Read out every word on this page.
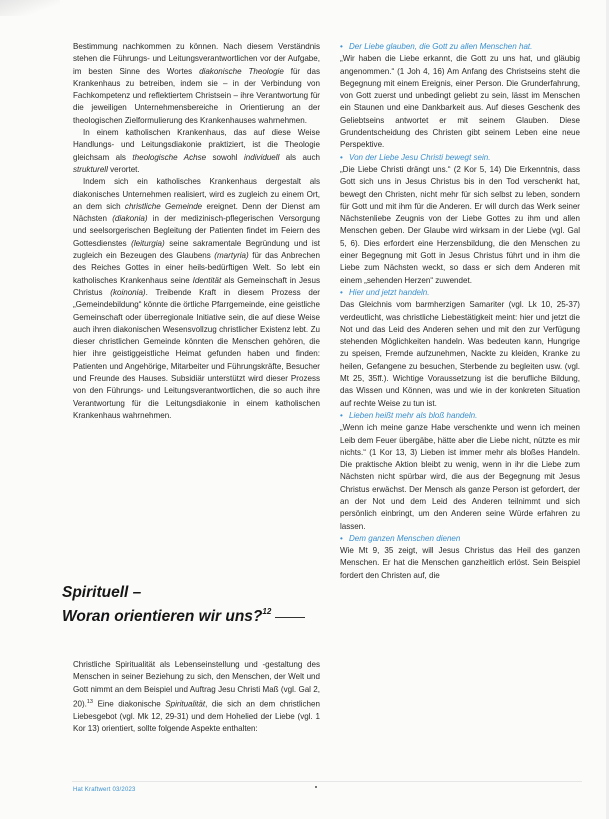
Bestimmung nachkommen zu können. Nach diesem Verständnis stehen die Führungs- und Leitungsverantwortlichen vor der Aufgabe, im besten Sinne des Wortes diakonische Theologie für das Krankenhaus zu betreiben, indem sie – in der Verbindung von Fachkompetenz und reflektiertem Christsein – ihre Verantwortung für die jeweiligen Unternehmensbereiche in Orientierung an der theologischen Zielformulierung des Krankenhauses wahrnehmen.

In einem katholischen Krankenhaus, das auf diese Weise Handlungs- und Leitungsdiakonie praktiziert, ist die Theologie gleichsam als theologische Achse sowohl individuell als auch strukturell verortet.

Indem sich ein katholisches Krankenhaus dergestalt als diakonisches Unternehmen realisiert, wird es zugleich zu einem Ort, an dem sich christliche Gemeinde ereignet. Denn der Dienst am Nächsten (diakonia) in der medizinisch-pflegerischen Versorgung und seelsorgerischen Begleitung der Patienten findet im Feiern des Gottesdienstes (leiturgia) seine sakramentale Begründung und ist zugleich ein Bezeugen des Glaubens (martyria) für das Anbrechen des Reiches Gottes in einer heils-bedürftigen Welt. So lebt ein katholisches Krankenhaus seine Identität als Gemeinschaft in Jesus Christus (koinonia). Treibende Kraft in diesem Prozess der „Gemeindebildung“ könnte die örtliche Pfarrgemeinde, eine geistliche Gemeinschaft oder überregionale Initiative sein, die auf diese Weise auch ihren diakonischen Wesensvollzug christlicher Existenz lebt. Zu dieser christlichen Gemeinde könnten die Menschen gehören, die hier ihre geistiggeistliche Heimat gefunden haben und finden: Patienten und Angehörige, Mitarbeiter und Führungskräfte, Besucher und Freunde des Hauses. Subsidiär unterstützt wird dieser Prozess von den Führungs- und Leitungsverantwortlichen, die so auch ihre Verantwortung für die Leitungsdiakonie in einem katholischen Krankenhaus wahrnehmen.

Spirituell –
Woran orientieren wir uns?$^{12}$

Christliche Spiritualität als Lebenseinstellung und -gestaltung des Menschen in seiner Beziehung zu sich, den Menschen, der Welt und Gott nimmt an dem Beispiel und Auftrag Jesu Christi Maß (vgl. Gal 2, 20).$^{13}$ Eine diakonische Spiritualität, die sich an dem christlichen Liebesgebot (vgl. Mk 12, 29-31) und dem Hohelied der Liebe (vgl. 1 Kor 13) orientiert, sollte folgende Aspekte enthalten:

• Der Liebe glauben, die Gott zu allen Menschen hat.

„Wir haben die Liebe erkannt, die Gott zu uns hat, und gläubig angenommen.“ (1 Joh 4, 16) Am Anfang des Christseins steht die Begegnung mit einem Ereignis, einer Person. Die Grunderfahrung, von Gott zuerst und unbedingt geliebt zu sein, lässt im Menschen ein Staunen und eine Dankbarkeit aus. Auf dieses Geschenk des Geliebtseins antwortet er mit seinem Glauben. Diese Grundentscheidung des Christen gibt seinem Leben eine neue Perspektive.

• Von der Liebe Jesu Christi bewegt sein.

„Die Liebe Christi drängt uns.“ (2 Kor 5, 14) Die Erkenntnis, dass Gott sich uns in Jesus Christus bis in den Tod verschenkt hat, bewegt den Christen, nicht mehr für sich selbst zu leben, sondern für Gott und mit ihm für die Anderen. Er will durch das Werk seiner Nächstenliebe Zeugnis von der Liebe Gottes zu ihm und allen Menschen geben. Der Glaube wird wirksam in der Liebe (vgl. Gal 5, 6). Dies erfordert eine Herzensbildung, die den Menschen zu einer Begegnung mit Gott in Jesus Christus führt und in ihm die Liebe zum Nächsten weckt, so dass er sich dem Anderen mit einem „sehenden Herzen“ zuwendet.

• Hier und jetzt handeln.

Das Gleichnis vom barmherzigen Samariter (vgl. Lk 10, 25-37) verdeutlicht, was christliche Liebestätigkeit meint: hier und jetzt die Not und das Leid des Anderen sehen und mit den zur Verfügung stehenden Möglichkeiten handeln. Was bedeuten kann, Hungrige zu speisen, Fremde aufzunehmen, Nackte zu kleiden, Kranke zu heilen, Gefangene zu besuchen, Sterbende zu begleiten usw. (vgl. Mt 25, 35ff.). Wichtige Voraussetzung ist die berufliche Bildung, das Wissen und Können, was und wie in der konkreten Situation auf rechte Weise zu tun ist.

• Lieben heißt mehr als bloß handeln.

„Wenn ich meine ganze Habe verschenkte und wenn ich meinen Leib dem Feuer übergäbe, hätte aber die Liebe nicht, nützte es mir nichts.“ (1 Kor 13, 3) Lieben ist immer mehr als bloßes Handeln. Die praktische Aktion bleibt zu wenig, wenn in ihr die Liebe zum Nächsten nicht spürbar wird, die aus der Begegnung mit Jesus Christus erwächst. Der Mensch als ganze Person ist gefordert, der an der Not und dem Leid des Anderen teilnimmt und sich persönlich einbringt, um den Anderen seine Würde erfahren zu lassen.

• Dem ganzen Menschen dienen

Wie Mt 9, 35 zeigt, will Jesus Christus das Heil des ganzen Menschen. Er hat die Menschen ganzheitlich erlöst. Sein Beispiel fordert den Christen auf, die

Hat Kraftwert 03/2023
